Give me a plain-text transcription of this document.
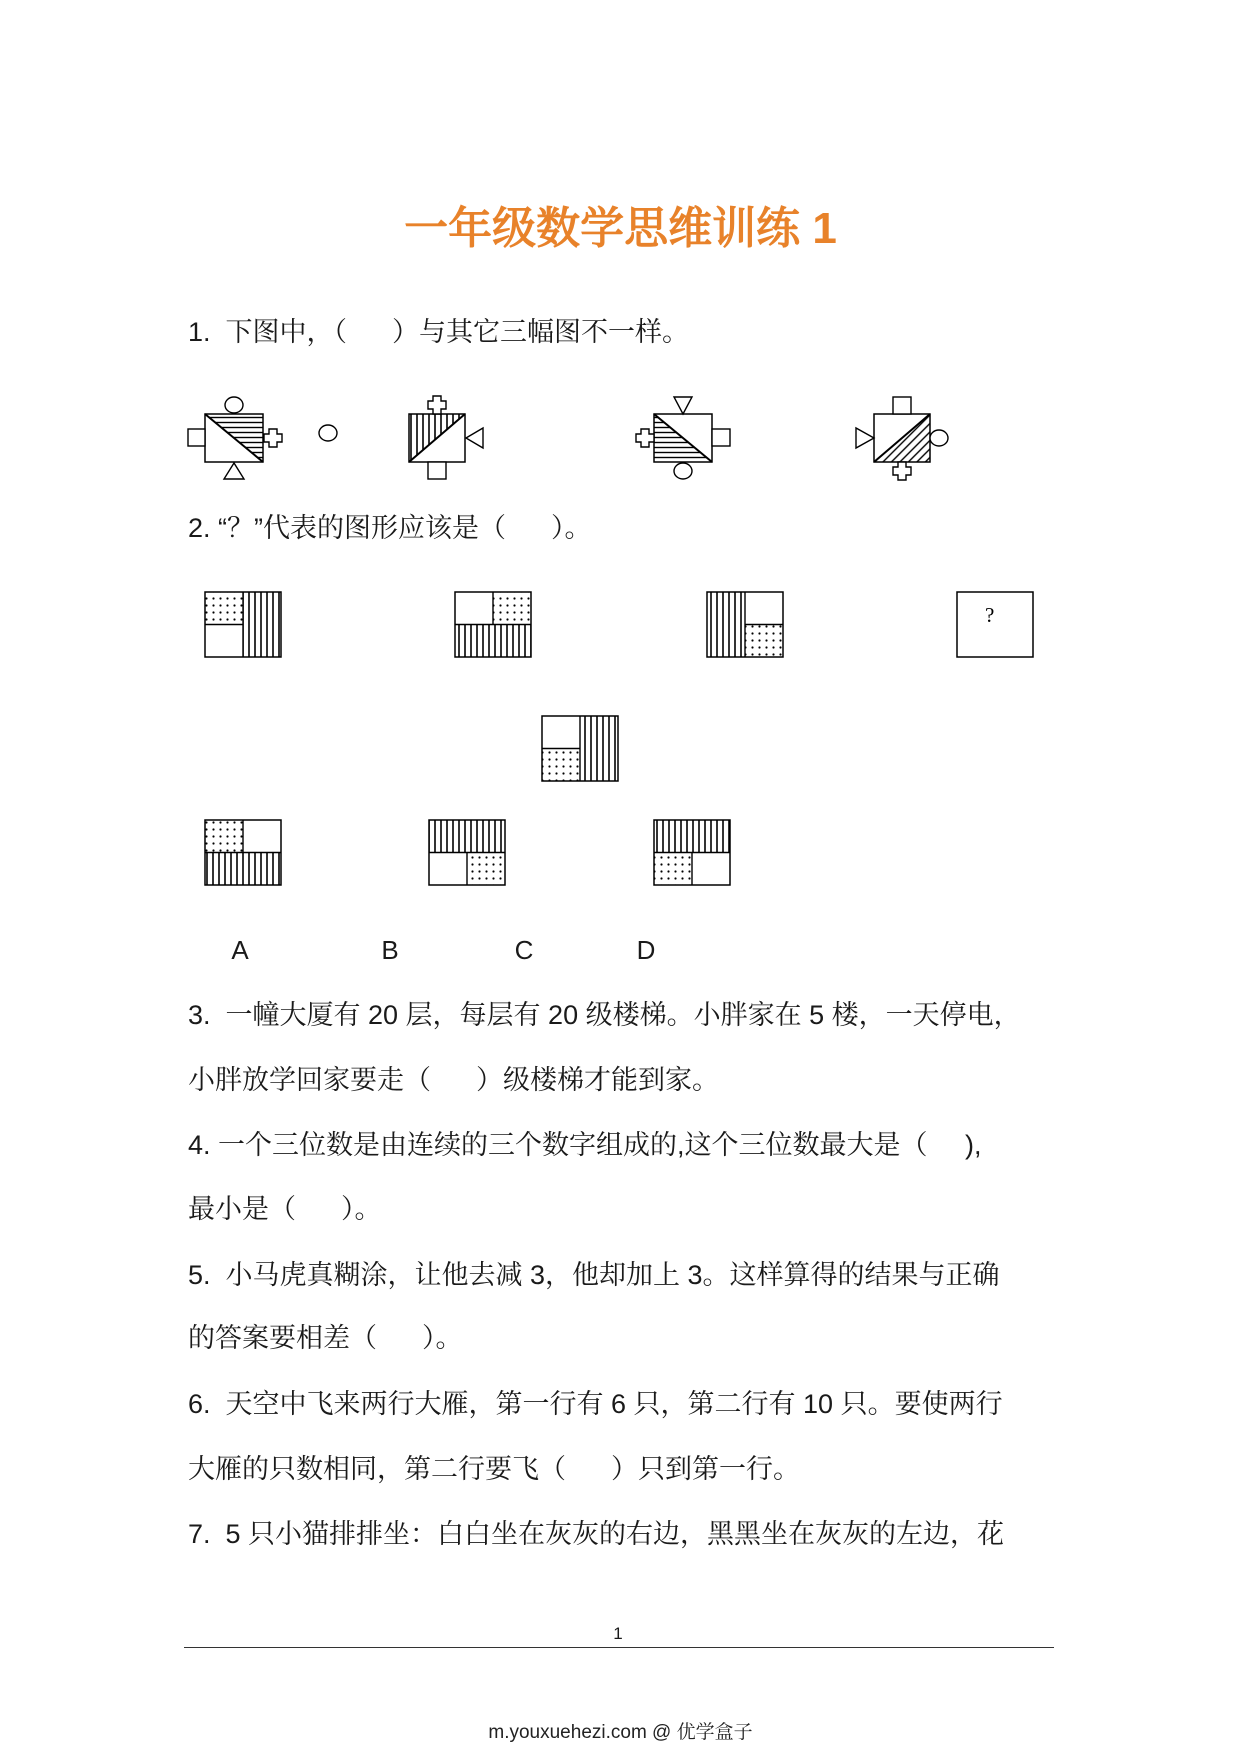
?
一年级数学思维训练 1
1.  下图中，（      ）与其它三幅图不一样。
2. “？”代表的图形应该是（      ）。
A	B	C	D
3.  一幢大厦有 20 层，每层有 20 级楼梯。小胖家在 5 楼，一天停电，
小胖放学回家要走（      ）级楼梯才能到家。
4. 一个三位数是由连续的三个数字组成的,这个三位数最大是（     ),
最小是（      ）。
5.  小马虎真糊涂，让他去减 3，他却加上 3。这样算得的结果与正确
的答案要相差（      ）。
6.  天空中飞来两行大雁，第一行有 6 只，第二行有 10 只。要使两行
大雁的只数相同，第二行要飞（      ）只到第一行。
7.  5 只小猫排排坐：白白坐在灰灰的右边，黑黑坐在灰灰的左边，花
1
m.youxuehezi.com @ 优学盒子
